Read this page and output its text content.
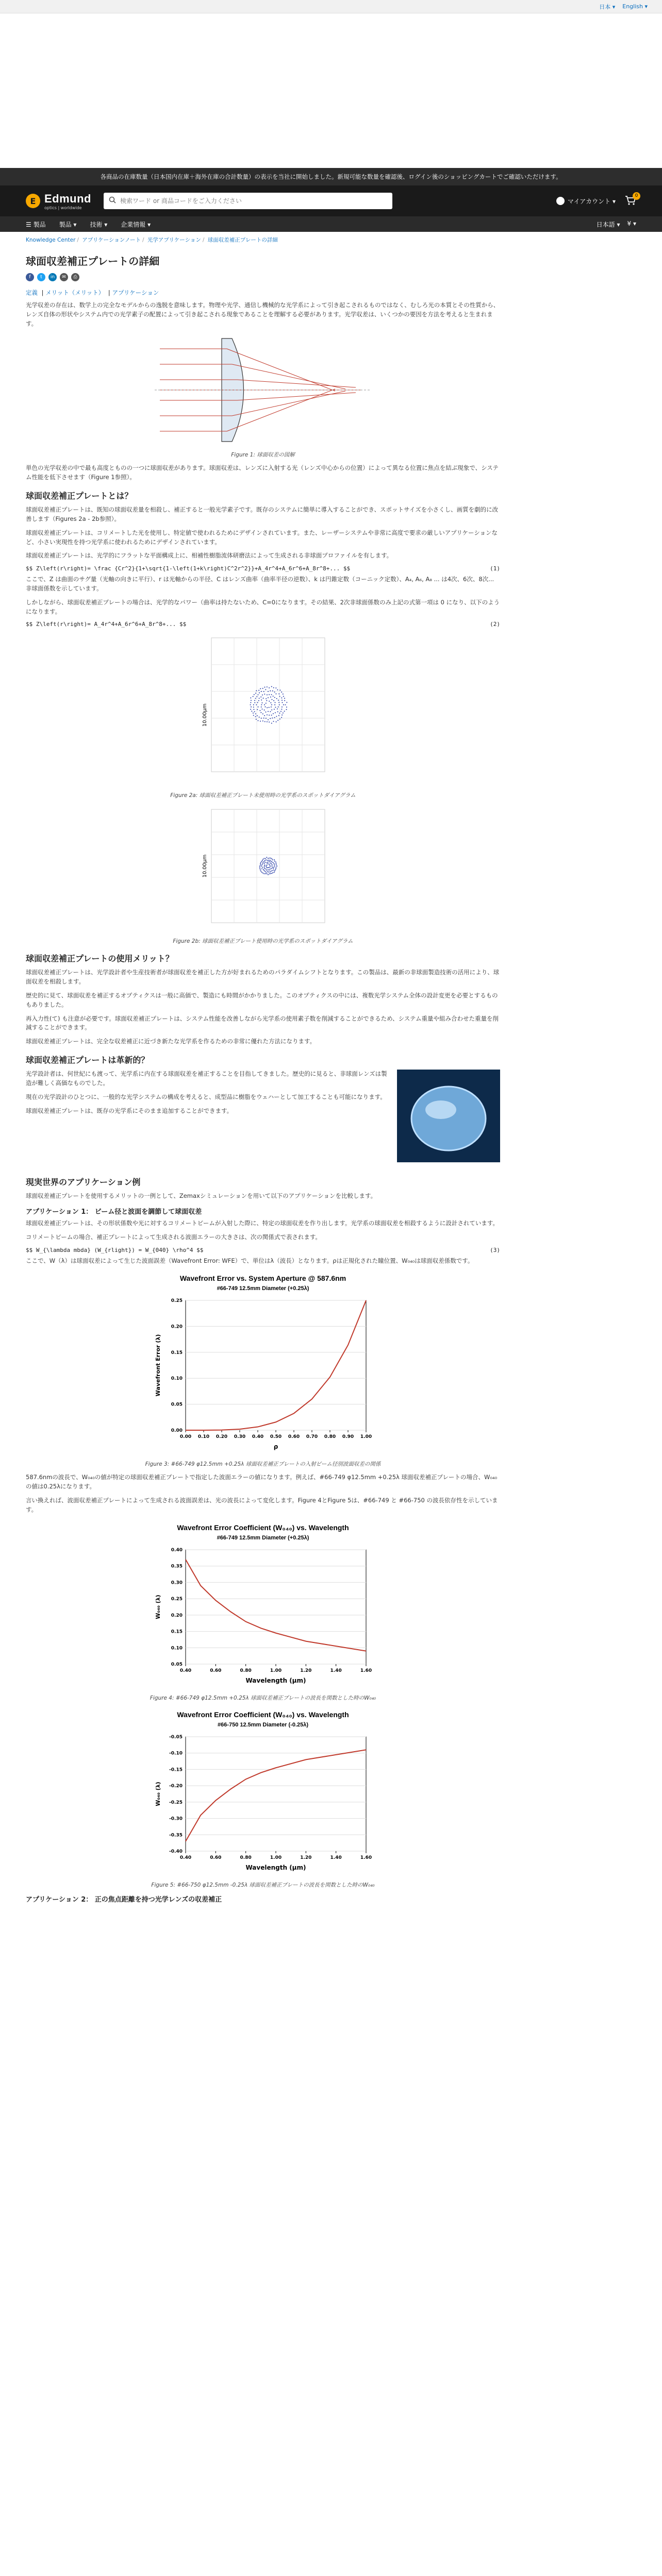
日本 ▾ English ▾
各商品の在庫数量（日本国内在庫＋海外在庫の合計数量）の表示を当社に開始しました。新規可能な数量を確認後、ログイン後のショッピングカートでご確認いただけます。
E Edmund
optics | worldwide
検索ワード or 商品コードをご入力ください
マイアカウント ▾
0
☰ 製品 製品 ▾ 技術 ▾ 企業情報 ▾	日本語 ▾ ¥ ▾
Knowledge Center / アプリケーションノート / 光学アプリケーション / 球面収差補正プレートの詳細
球面収差補正プレートの詳細
f	t	in	✉	⎙
定義 | メリット（メリット） | アプリケーション

光学収差の存在は、数学上の完全なモデルからの逸脱を意味します。物理や光学、通信し機械的な光学系によって引き起こされるものではなく、むしろ光の本質とその性質から、レンズ自体の形状やシステム内での光学素子の配置によって引き起こされる現象であることを理解する必要があります。光学収差は、いくつかの要因を方法を考えると生まれます。

Figure 1: 球面収差の図解

単色の光学収差の中で最も高度とものの一つに球面収差があります。球面収差は、レンズに入射する光（レンズ中心からの位置）によって異なる位置に焦点を結ぶ現象で、システム性能を低下させます（Figure 1参照）。

球面収差補正プレートとは？

球面収差補正プレートは、既知の球面収差量を相殺し、補正すると一般光学素子です。既存のシステムに簡単に導入することができ、スポットサイズを小さくし、画質を劇的に改善します（Figures 2a - 2b参照）。

球面収差補正プレートは、コリメートした光を使用し、特定値で使われるためにデザインされています。また、レーザーシステムや非常に高度で要求の厳しいアプリケーションなど、小さい実現性を持つ光学系に使われるためにデザインされています。

球面収差補正プレートは、光学的にフラットな平面構成上に、相補性樹脂流体研磨法によって生成される非球面プロファイルを有します。

$$ Z\left(r\right)= \frac {Cr^2}{1+\sqrt{1-\left(1+k\right)C^2r^2}}+A_4r^4+A_6r^6+A_8r^8+... $$	(1)

ここで、Z は曲面のサグ量（光軸の向きに平行）、r は光軸からの半径、C はレンズ曲率（曲率半径の逆数）、k は円錐定数（コーニック定数）、A₄, A₆, A₈ ... は4次、6次、8次... 非球面係数を示しています。

しかしながら、球面収差補正プレートの場合は、光学的なパワー（曲率は持たないため、C=0になります。その結果、2次非球面係数のみ上記の式第一項は 0 になり、以下のようになります。

$$ Z\left(r\right)= A_4r^4+A_6r^6+A_8r^8+... $$	(2)
10.00μm
Figure 2a: 球面収差補正プレート未使用時の光学系のスポットダイアグラム
10.00μm
Figure 2b: 球面収差補正プレート使用時の光学系のスポットダイアグラム
球面収差補正プレートの使用メリット？

球面収差補正プレートは、光学設計者や生産技術者が球面収差を補正した方が好まれるためのパラダイムシフトとなります。この製品は、最新の非球面製造技術の活用により、球面収差を相殺します。

歴史的に見て、球面収差を補正するオプティクスは一般に高価で、製造にも時間がかかりました。このオプティクスの中には、複数光学システム全体の設計変更を必要とするものもありました。

再入力性(て) も注意が必要です。球面収差補正プレートは、システム性能を改善しながら光学系の使用素子数を削減することができるため、システム重量や組み合わせた重量を削減することができます。

球面収差補正プレートは、完全な収差補正に近づき新たな光学系を作るための非常に優れた方法になります。

球面収差補正プレートは革新的？

光学設計者は、何世紀にも渡って、光学系に内在する球面収差を補正することを目指してきました。歴史的に見ると、非球面レンズは製造が難しく高価なものでした。

現在の光学設計のひとつに、一般的な光学システムの構成を考えると、成型品に樹脂をウェハーとして加工することも可能になります。

球面収差補正プレートは、既存の光学系にそのまま追加することができます。

現実世界のアプリケーション例

球面収差補正プレートを使用するメリットの一例として、Zemaxシミュレーションを用いて以下のアプリケーションを比較します。

アプリケーション 1： ビーム径と波面を調節して球面収差

球面収差補正プレートは、その形状係数や光に対するコリメートビームが入射した際に、特定の球面収差を作り出します。光学系の球面収差を相殺するように設計されています。

コリメートビームの場合、補正プレートによって生成される波面エラーの大きさは、次の関係式で表されます。

$$ W_{\lambda mbda} (W_{rlight}) = W_{040} \rho^4 $$	(3)

ここで、W（λ）は球面収差によって生じた波面誤差（Wavefront Error: WFE）で、単位はλ（波長）となります。ρは正規化された瞳位置、W₀₄₀は球面収差係数です。

Wavefront Error vs. System Aperture @ 587.6nm
#66-749 12.5mm Diameter (+0.25λ)
0.00
0.05
0.10
0.15
0.20
0.25
0.00 0.10 0.20 0.30 0.40 0.50 0.60 0.70 0.80 0.90 1.00
ρ
Wavefront Error (λ)
Figure 3: #66-749 φ12.5mm +0.25λ 球面収差補正プレートの入射ビーム径別波面収差の関係

587.6nmの波長で、W₀₄₀の値が特定の球面収差補正プレートで指定した波面エラーの値になります。例えば、#66-749 φ12.5mm +0.25λ 球面収差補正プレートの場合、W₀₄₀の値は0.25λになります。

言い換えれば、波面収差補正プレートによって生成される波面誤差は、光の波長によって変化します。Figure 4とFigure 5は、#66-749 と #66-750 の波長依存性を示しています。

Wavefront Error Coefficient (W₀₄₀) vs. Wavelength
#66-749 12.5mm Diameter (+0.25λ)
0.05
0.10
0.15
0.20
0.25
0.30
0.35
0.40
0.40	0.60	0.80	1.00	1.20	1.40	1.60
Wavelength (μm)
W₀₄₀ (λ)
Figure 4: #66-749 φ12.5mm +0.25λ 球面収差補正プレートの波長を関数とした時のW₀₄₀
Wavefront Error Coefficient (W₀₄₀) vs. Wavelength
#66-750 12.5mm Diameter (-0.25λ)
-0.05
-0.10
-0.15
-0.20
-0.25
-0.30
-0.35
-0.40
0.40	0.60	0.80	1.00	1.20	1.40	1.60
Wavelength (μm)
W₀₄₀ (λ)
Figure 5: #66-750 φ12.5mm -0.25λ 球面収差補正プレートの波長を関数とした時のW₀₄₀
アプリケーション 2： 正の焦点距離を持つ光学レンズの収差補正
